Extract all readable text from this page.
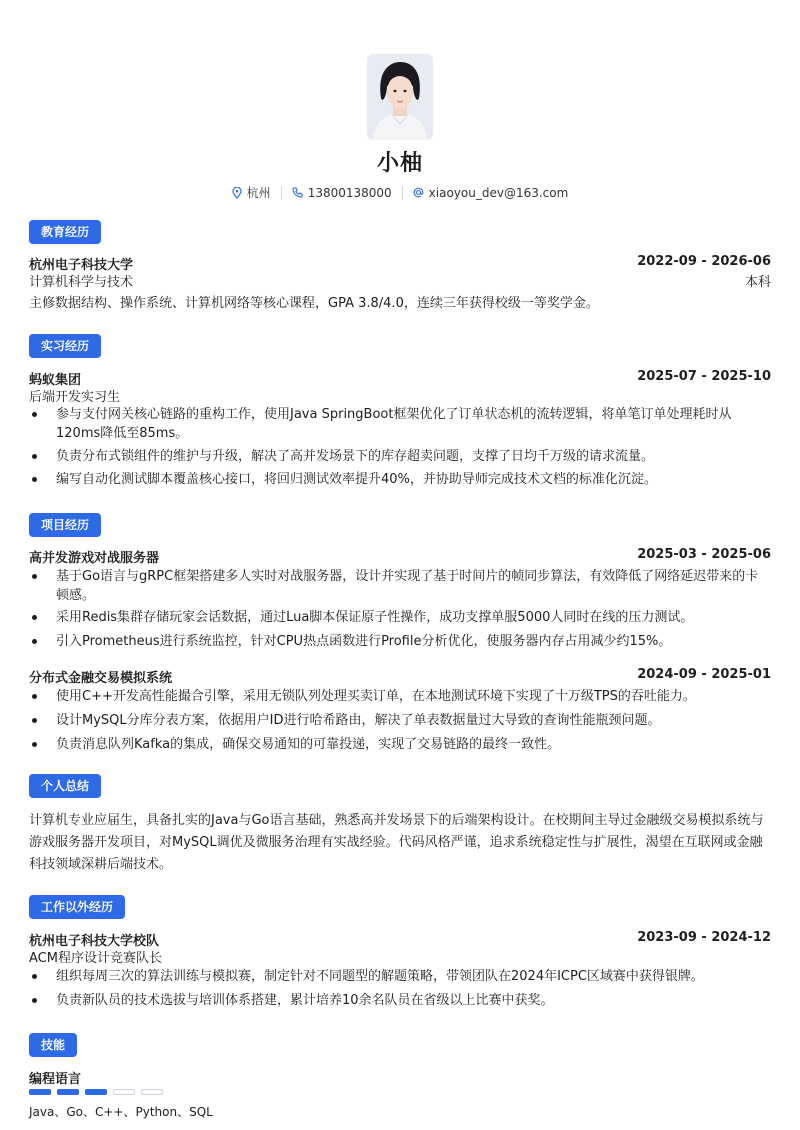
小柚
杭州	13800138000	xiaoyou_dev@163.com
教育经历
杭州电子科技大学	2022-09 - 2026-06
计算机科学与技术	本科
主修数据结构、操作系统、计算机网络等核心课程，GPA 3.8/4.0，连续三年获得校级一等奖学金。
实习经历
蚂蚁集团	2025-07 - 2025-10
后端开发实习生
参与支付网关核心链路的重构工作，使用Java SpringBoot框架优化了订单状态机的流转逻辑，将单笔订单处理耗时从120ms降低至85ms。
负责分布式锁组件的维护与升级，解决了高并发场景下的库存超卖问题，支撑了日均千万级的请求流量。
编写自动化测试脚本覆盖核心接口，将回归测试效率提升40%，并协助导师完成技术文档的标准化沉淀。
项目经历
高并发游戏对战服务器	2025-03 - 2025-06
基于Go语言与gRPC框架搭建多人实时对战服务器，设计并实现了基于时间片的帧同步算法，有效降低了网络延迟带来的卡顿感。
采用Redis集群存储玩家会话数据，通过Lua脚本保证原子性操作，成功支撑单服5000人同时在线的压力测试。
引入Prometheus进行系统监控，针对CPU热点函数进行Profile分析优化，使服务器内存占用减少约15%。
分布式金融交易模拟系统	2024-09 - 2025-01
使用C++开发高性能撮合引擎，采用无锁队列处理买卖订单，在本地测试环境下实现了十万级TPS的吞吐能力。
设计MySQL分库分表方案，依据用户ID进行哈希路由，解决了单表数据量过大导致的查询性能瓶颈问题。
负责消息队列Kafka的集成，确保交易通知的可靠投递，实现了交易链路的最终一致性。
个人总结
计算机专业应届生，具备扎实的Java与Go语言基础，熟悉高并发场景下的后端架构设计。在校期间主导过金融级交易模拟系统与游戏服务器开发项目，对MySQL调优及微服务治理有实战经验。代码风格严谨，追求系统稳定性与扩展性，渴望在互联网或金融科技领域深耕后端技术。
工作以外经历
杭州电子科技大学校队	2023-09 - 2024-12
ACM程序设计竞赛队长
组织每周三次的算法训练与模拟赛，制定针对不同题型的解题策略，带领团队在2024年ICPC区域赛中获得银牌。
负责新队员的技术选拔与培训体系搭建，累计培养10余名队员在省级以上比赛中获奖。
技能
编程语言
Java、Go、C++、Python、SQL
